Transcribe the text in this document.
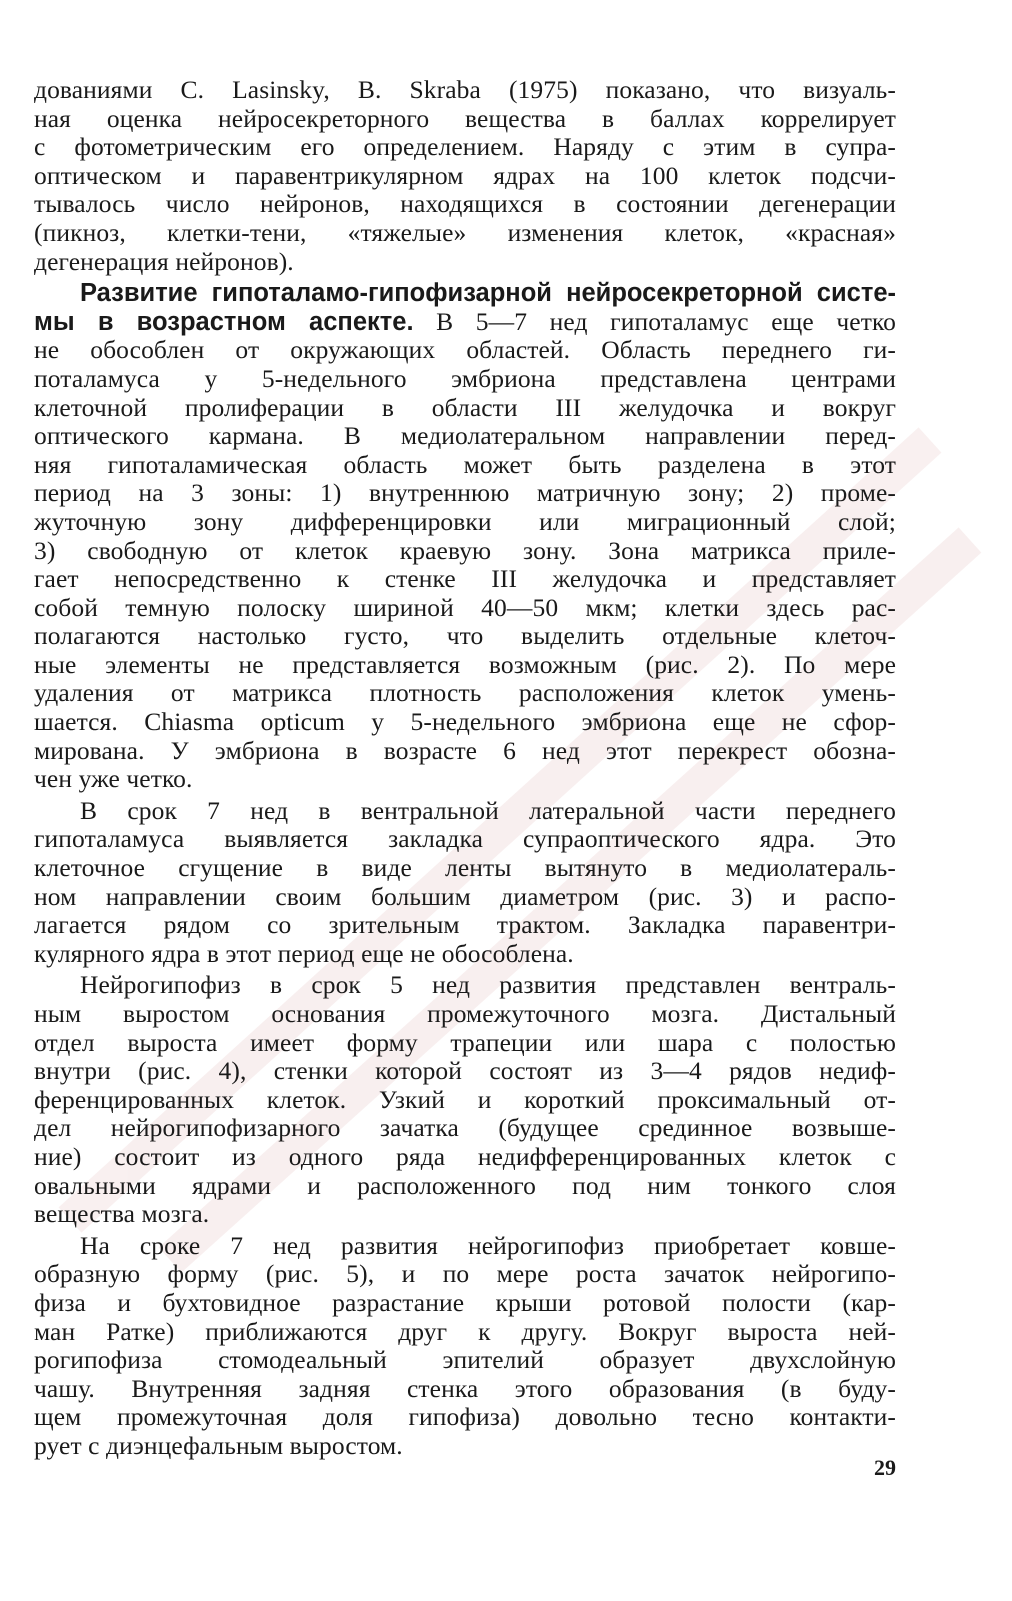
дованиями C. Lasinsky, B. Skraba (1975) показано, что визуаль-
ная оценка нейросекреторного вещества в баллах коррелирует
с фотометрическим его определением. Наряду с этим в супра-
оптическом и паравентрикулярном ядрах на 100 клеток подсчи-
тывалось число нейронов, находящихся в состоянии дегенерации
(пикноз, клетки-тени, «тяжелые» изменения клеток, «красная»
дегенерация нейронов).
Развитие гипоталамо-гипофизарной нейросекреторной систе-
мы в возрастном аспекте. В 5—7 нед гипоталамус еще четко
не обособлен от окружающих областей. Область переднего ги-
поталамуса у 5-недельного эмбриона представлена центрами
клеточной пролиферации в области III желудочка и вокруг
оптического кармана. В медиолатеральном направлении перед-
няя гипоталамическая область может быть разделена в этот
период на 3 зоны: 1) внутреннюю матричную зону; 2) проме-
жуточную зону дифференцировки или миграционный слой;
3) свободную от клеток краевую зону. Зона матрикса приле-
гает непосредственно к стенке III желудочка и представляет
собой темную полоску шириной 40—50 мкм; клетки здесь рас-
полагаются настолько густо, что выделить отдельные клеточ-
ные элементы не представляется возможным (рис. 2). По мере
удаления от матрикса плотность расположения клеток умень-
шается. Chiasma opticum у 5-недельного эмбриона еще не сфор-
мирована. У эмбриона в возрасте 6 нед этот перекрест обозна-
чен уже четко.
В срок 7 нед в вентральной латеральной части переднего
гипоталамуса выявляется закладка супраоптического ядра. Это
клеточное сгущение в виде ленты вытянуто в медиолатераль-
ном направлении своим большим диаметром (рис. 3) и распо-
лагается рядом со зрительным трактом. Закладка паравентри-
кулярного ядра в этот период еще не обособлена.
Нейрогипофиз в срок 5 нед развития представлен вентраль-
ным выростом основания промежуточного мозга. Дистальный
отдел выроста имеет форму трапеции или шара с полостью
внутри (рис. 4), стенки которой состоят из 3—4 рядов недиф-
ференцированных клеток. Узкий и короткий проксимальный от-
дел нейрогипофизарного зачатка (будущее срединное возвыше-
ние) состоит из одного ряда недифференцированных клеток с
овальными ядрами и расположенного под ним тонкого слоя
вещества мозга.
На сроке 7 нед развития нейрогипофиз приобретает ковше-
образную форму (рис. 5), и по мере роста зачаток нейрогипо-
физа и бухтовидное разрастание крыши ротовой полости (кар-
ман Ратке) приближаются друг к другу. Вокруг выроста ней-
рогипофиза стомодеальный эпителий образует двухслойную
чашу. Внутренняя задняя стенка этого образования (в буду-
щем промежуточная доля гипофиза) довольно тесно контакти-
рует с диэнцефальным выростом.
29
